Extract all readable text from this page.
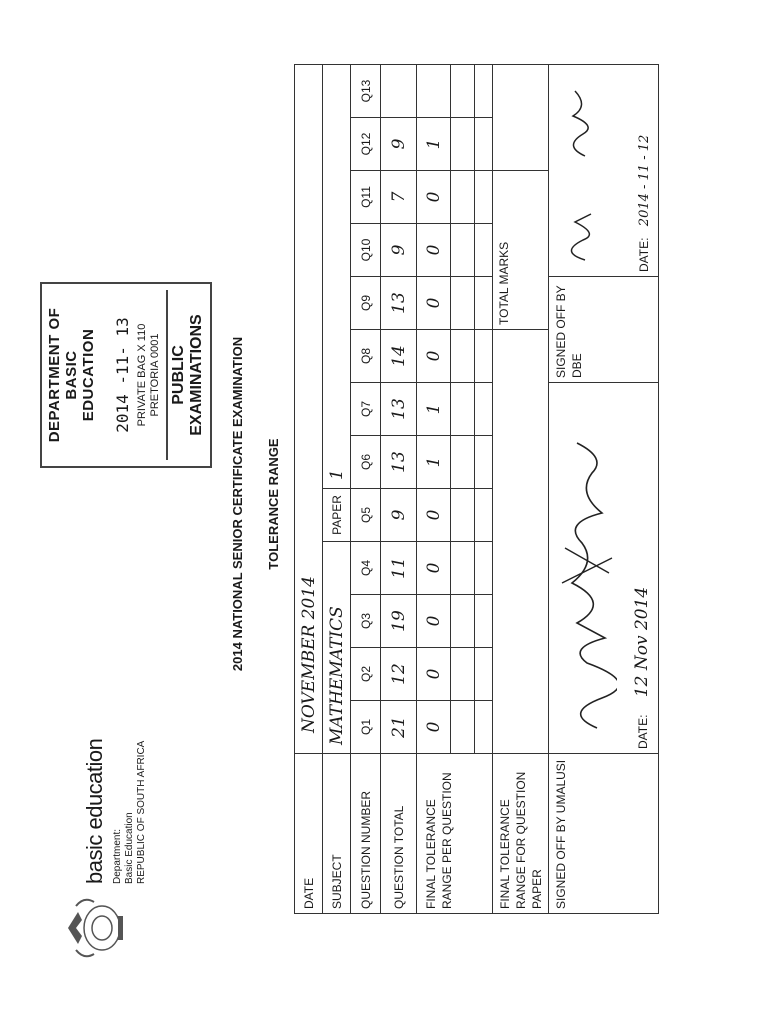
basic education Department: Basic Education REPUBLIC OF SOUTH AFRICA
DEPARTMENT OF BASIC EDUCATION 2014 -11- 13 PRIVATE BAG X 110 PRETORIA 0001 PUBLIC EXAMINATIONS 2014 NATIONAL SENIOR CERTIFICATE EXAMINATION TOLERANCE RANGE
DATE	NOVEMBER 2014												
SUBJECT	MATHEMATICS				PAPER	1							
QUESTION NUMBER	Q1	Q2	Q3	Q4	Q5	Q6	Q7	Q8	Q9	Q10	Q11	Q12	Q13
QUESTION TOTAL	21	12	19	11	9	13	13	14	13	9	7	9	
FINAL TOLERANCE RANGE PER QUESTION	0	0	0	0	0	1	1	0	0	0	0	1	

FINAL TOLERANCE RANGE FOR QUESTION PAPER									TOTAL MARKS				
SIGNED OFF BY UMALUSI	DATE: 12 Nov 2014							SIGNED OFF BY DBE		DATE: 2014 - 11 - 12			
